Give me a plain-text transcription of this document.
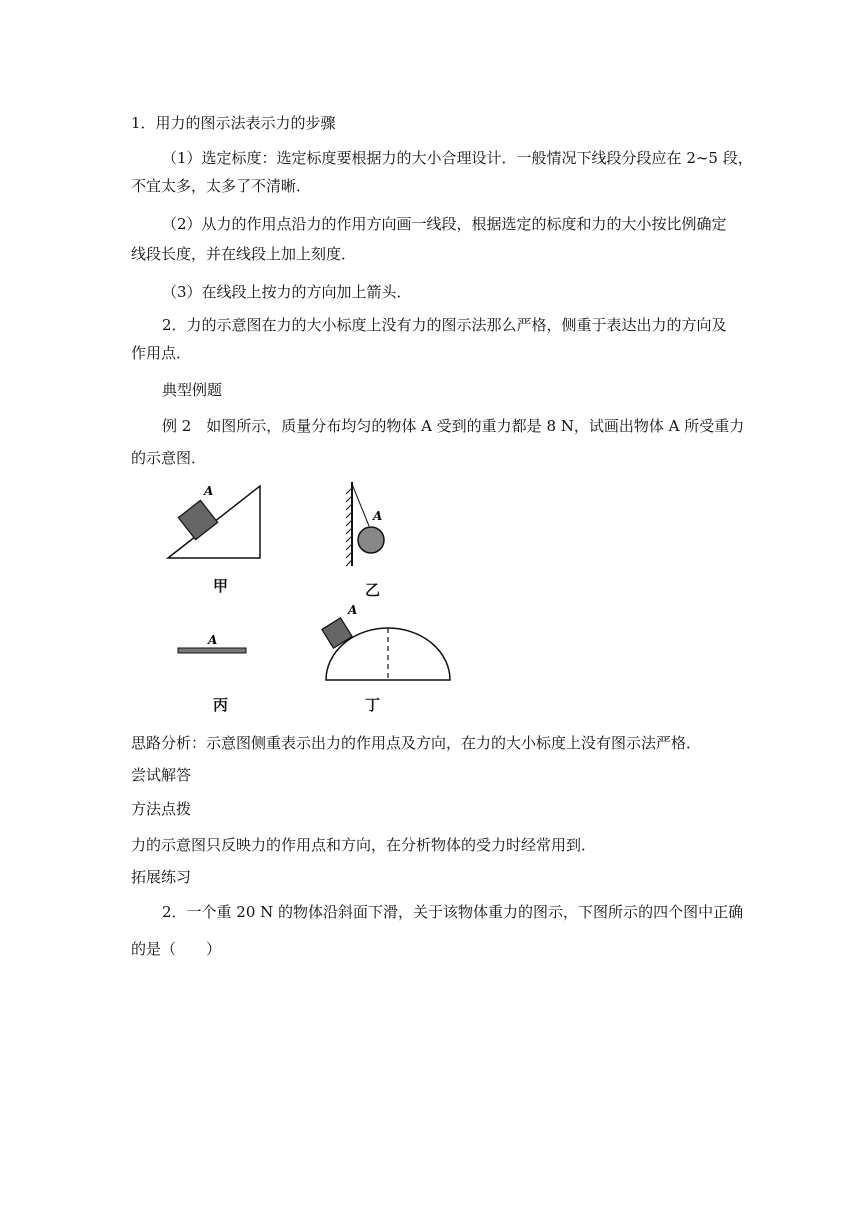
1．用力的图示法表示力的步骤
（1）选定标度：选定标度要根据力的大小合理设计．一般情况下线段分段应在 2~5 段，
不宜太多，太多了不清晰．
（2）从力的作用点沿力的作用方向画一线段，根据选定的标度和力的大小按比例确定
线段长度，并在线段上加上刻度．
（3）在线段上按力的方向加上箭头．
2．力的示意图在力的大小标度上没有力的图示法那么严格，侧重于表达出力的方向及
作用点．
典型例题
例 2　如图所示，质量分布均匀的物体 A 受到的重力都是 8 N，试画出物体 A 所受重力
的示意图．
A
甲
A
乙
A
丙
A
丁
思路分析：示意图侧重表示出力的作用点及方向，在力的大小标度上没有图示法严格．
尝试解答
方法点拨
力的示意图只反映力的作用点和方向，在分析物体的受力时经常用到．
拓展练习
2．一个重 20 N 的物体沿斜面下滑，关于该物体重力的图示，下图所示的四个图中正确
的是（　　）
